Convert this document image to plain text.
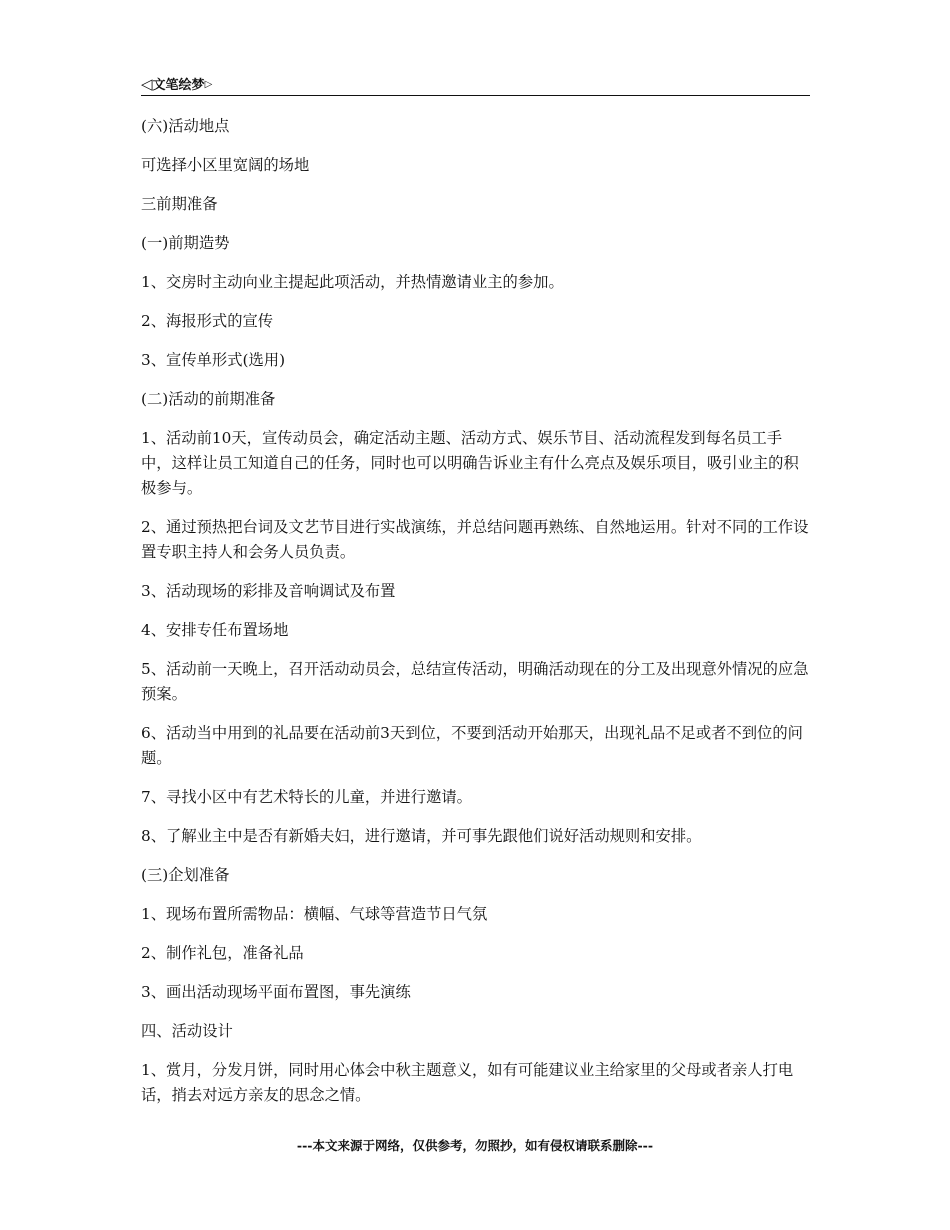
◁文笔绘梦▷

(六)活动地点

可选择小区里宽阔的场地

三前期准备

(一)前期造势

1、交房时主动向业主提起此项活动，并热情邀请业主的参加。

2、海报形式的宣传

3、宣传单形式(选用)

(二)活动的前期准备

1、活动前10天，宣传动员会，确定活动主题、活动方式、娱乐节目、活动流程发到每名员工手中，这样让员工知道自己的任务，同时也可以明确告诉业主有什么亮点及娱乐项目，吸引业主的积极参与。

2、通过预热把台词及文艺节目进行实战演练，并总结问题再熟练、自然地运用。针对不同的工作设置专职主持人和会务人员负责。

3、活动现场的彩排及音响调试及布置

4、安排专任布置场地

5、活动前一天晚上，召开活动动员会，总结宣传活动，明确活动现在的分工及出现意外情况的应急预案。

6、活动当中用到的礼品要在活动前3天到位，不要到活动开始那天，出现礼品不足或者不到位的问题。

7、寻找小区中有艺术特长的儿童，并进行邀请。

8、了解业主中是否有新婚夫妇，进行邀请，并可事先跟他们说好活动规则和安排。

(三)企划准备

1、现场布置所需物品：横幅、气球等营造节日气氛

2、制作礼包，准备礼品

3、画出活动现场平面布置图，事先演练

四、活动设计

1、赏月，分发月饼，同时用心体会中秋主题意义，如有可能建议业主给家里的父母或者亲人打电话，捎去对远方亲友的思念之情。

---本文来源于网络，仅供参考，勿照抄，如有侵权请联系删除---
